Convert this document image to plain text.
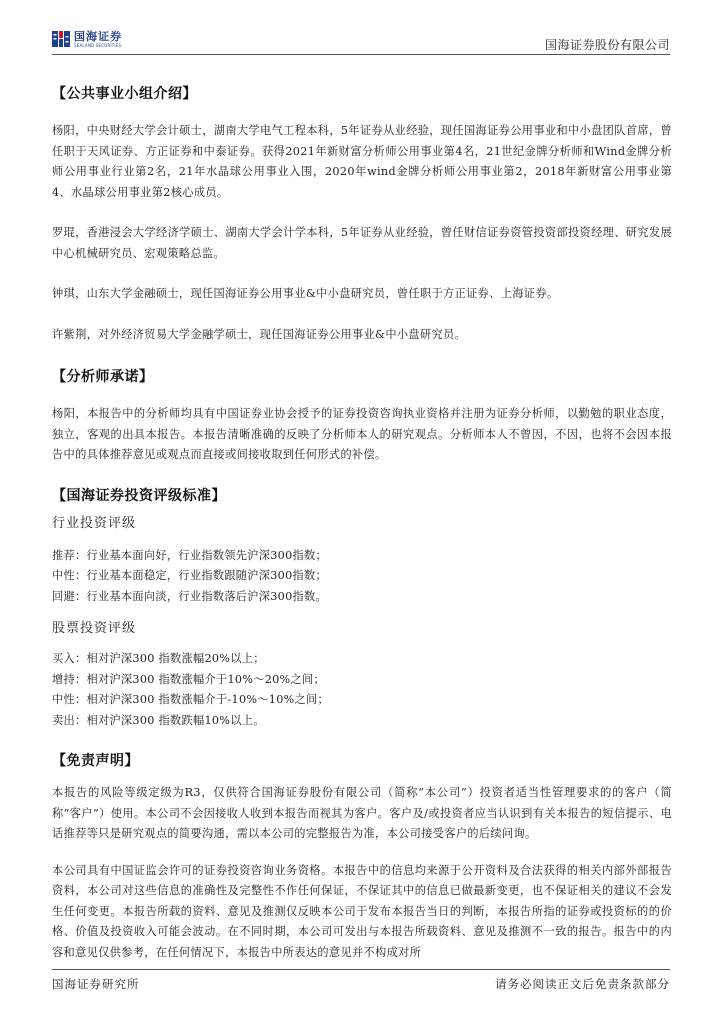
国海证券
SEALAND SECURITIES	国海证券股份有限公司
【公共事业小组介绍】

杨阳，中央财经大学会计硕士，湖南大学电气工程本科，5年证券从业经验，现任国海证券公用事业和中小盘团队首席，曾任职于天风证券、方正证券和中泰证券。获得2021年新财富分析师公用事业第4名，21世纪金牌分析师和Wind金牌分析师公用事业行业第2名，21年水晶球公用事业入围，2020年wind金牌分析师公用事业第2，2018年新财富公用事业第4、水晶球公用事业第2核心成员。

罗琨，香港浸会大学经济学硕士、湖南大学会计学本科，5年证券从业经验，曾任财信证券资管投资部投资经理、研究发展中心机械研究员、宏观策略总监。

钟琪，山东大学金融硕士，现任国海证券公用事业&中小盘研究员，曾任职于方正证券、上海证券。

许紫荆，对外经济贸易大学金融学硕士，现任国海证券公用事业&中小盘研究员。

【分析师承诺】

杨阳，本报告中的分析师均具有中国证券业协会授予的证券投资咨询执业资格并注册为证券分析师，以勤勉的职业态度，独立，客观的出具本报告。本报告清晰准确的反映了分析师本人的研究观点。分析师本人不曾因，不因，也将不会因本报告中的具体推荐意见或观点而直接或间接收取到任何形式的补偿。

【国海证券投资评级标准】

行业投资评级

推荐：行业基本面向好，行业指数领先沪深300指数；

中性：行业基本面稳定，行业指数跟随沪深300指数；

回避：行业基本面向淡，行业指数落后沪深300指数。

股票投资评级

买入：相对沪深300 指数涨幅20%以上；

增持：相对沪深300 指数涨幅介于10%～20%之间；

中性：相对沪深300 指数涨幅介于-10%～10%之间；

卖出：相对沪深300 指数跌幅10%以上。

【免责声明】

本报告的风险等级定级为R3，仅供符合国海证券股份有限公司（简称“本公司”）投资者适当性管理要求的的客户（简称“客户”）使用。本公司不会因接收人收到本报告而视其为客户。客户及/或投资者应当认识到有关本报告的短信提示、电话推荐等只是研究观点的简要沟通，需以本公司的完整报告为准，本公司接受客户的后续问询。

本公司具有中国证监会许可的证券投资咨询业务资格。本报告中的信息均来源于公开资料及合法获得的相关内部外部报告资料，本公司对这些信息的准确性及完整性不作任何保证，不保证其中的信息已做最新变更，也不保证相关的建议不会发生任何变更。本报告所载的资料、意见及推测仅反映本公司于发布本报告当日的判断，本报告所指的证券或投资标的的价格、价值及投资收入可能会波动。在不同时期，本公司可发出与本报告所载资料、意见及推测不一致的报告。报告中的内容和意见仅供参考，在任何情况下，本报告中所表达的意见并不构成对所

国海证券研究所	请务必阅读正文后免责条款部分
